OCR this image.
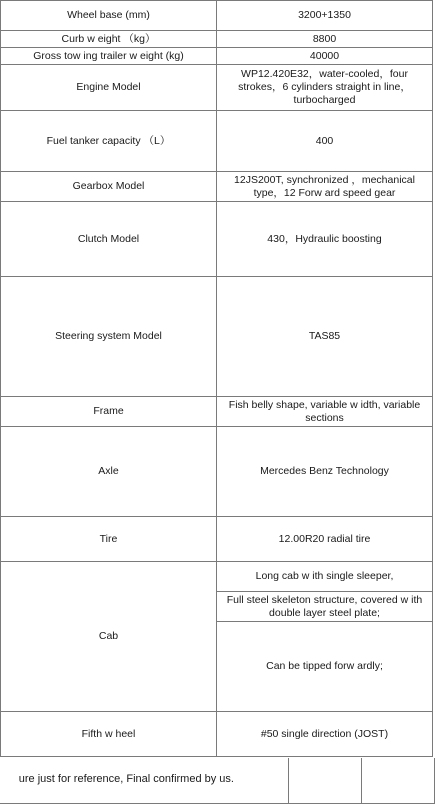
Wheel base (mm)	3200+1350
Curb w eight （kg）	8800
Gross tow ing trailer w eight (kg)	40000
Engine Model	WP12.420E32，water-cooled，four strokes，6 cylinders straight in line，turbocharged
Fuel tanker capacity （L）	400
Gearbox Model	12JS200T, synchronized ，mechanical type，12 Forw ard speed gear
Clutch Model	430，Hydraulic boosting
Steering system Model	TAS85
Frame	Fish belly shape, variable w idth, variable sections
Axle	Mercedes Benz Technology
Tire	12.00R20 radial tire
Cab	Long cab w ith single sleeper,
	Full steel skeleton structure, covered w ith double layer steel plate;
	Can be tipped forw ardly;
Fifth w heel	#50 single direction (JOST)
ure just for reference, Final confirmed by us.
